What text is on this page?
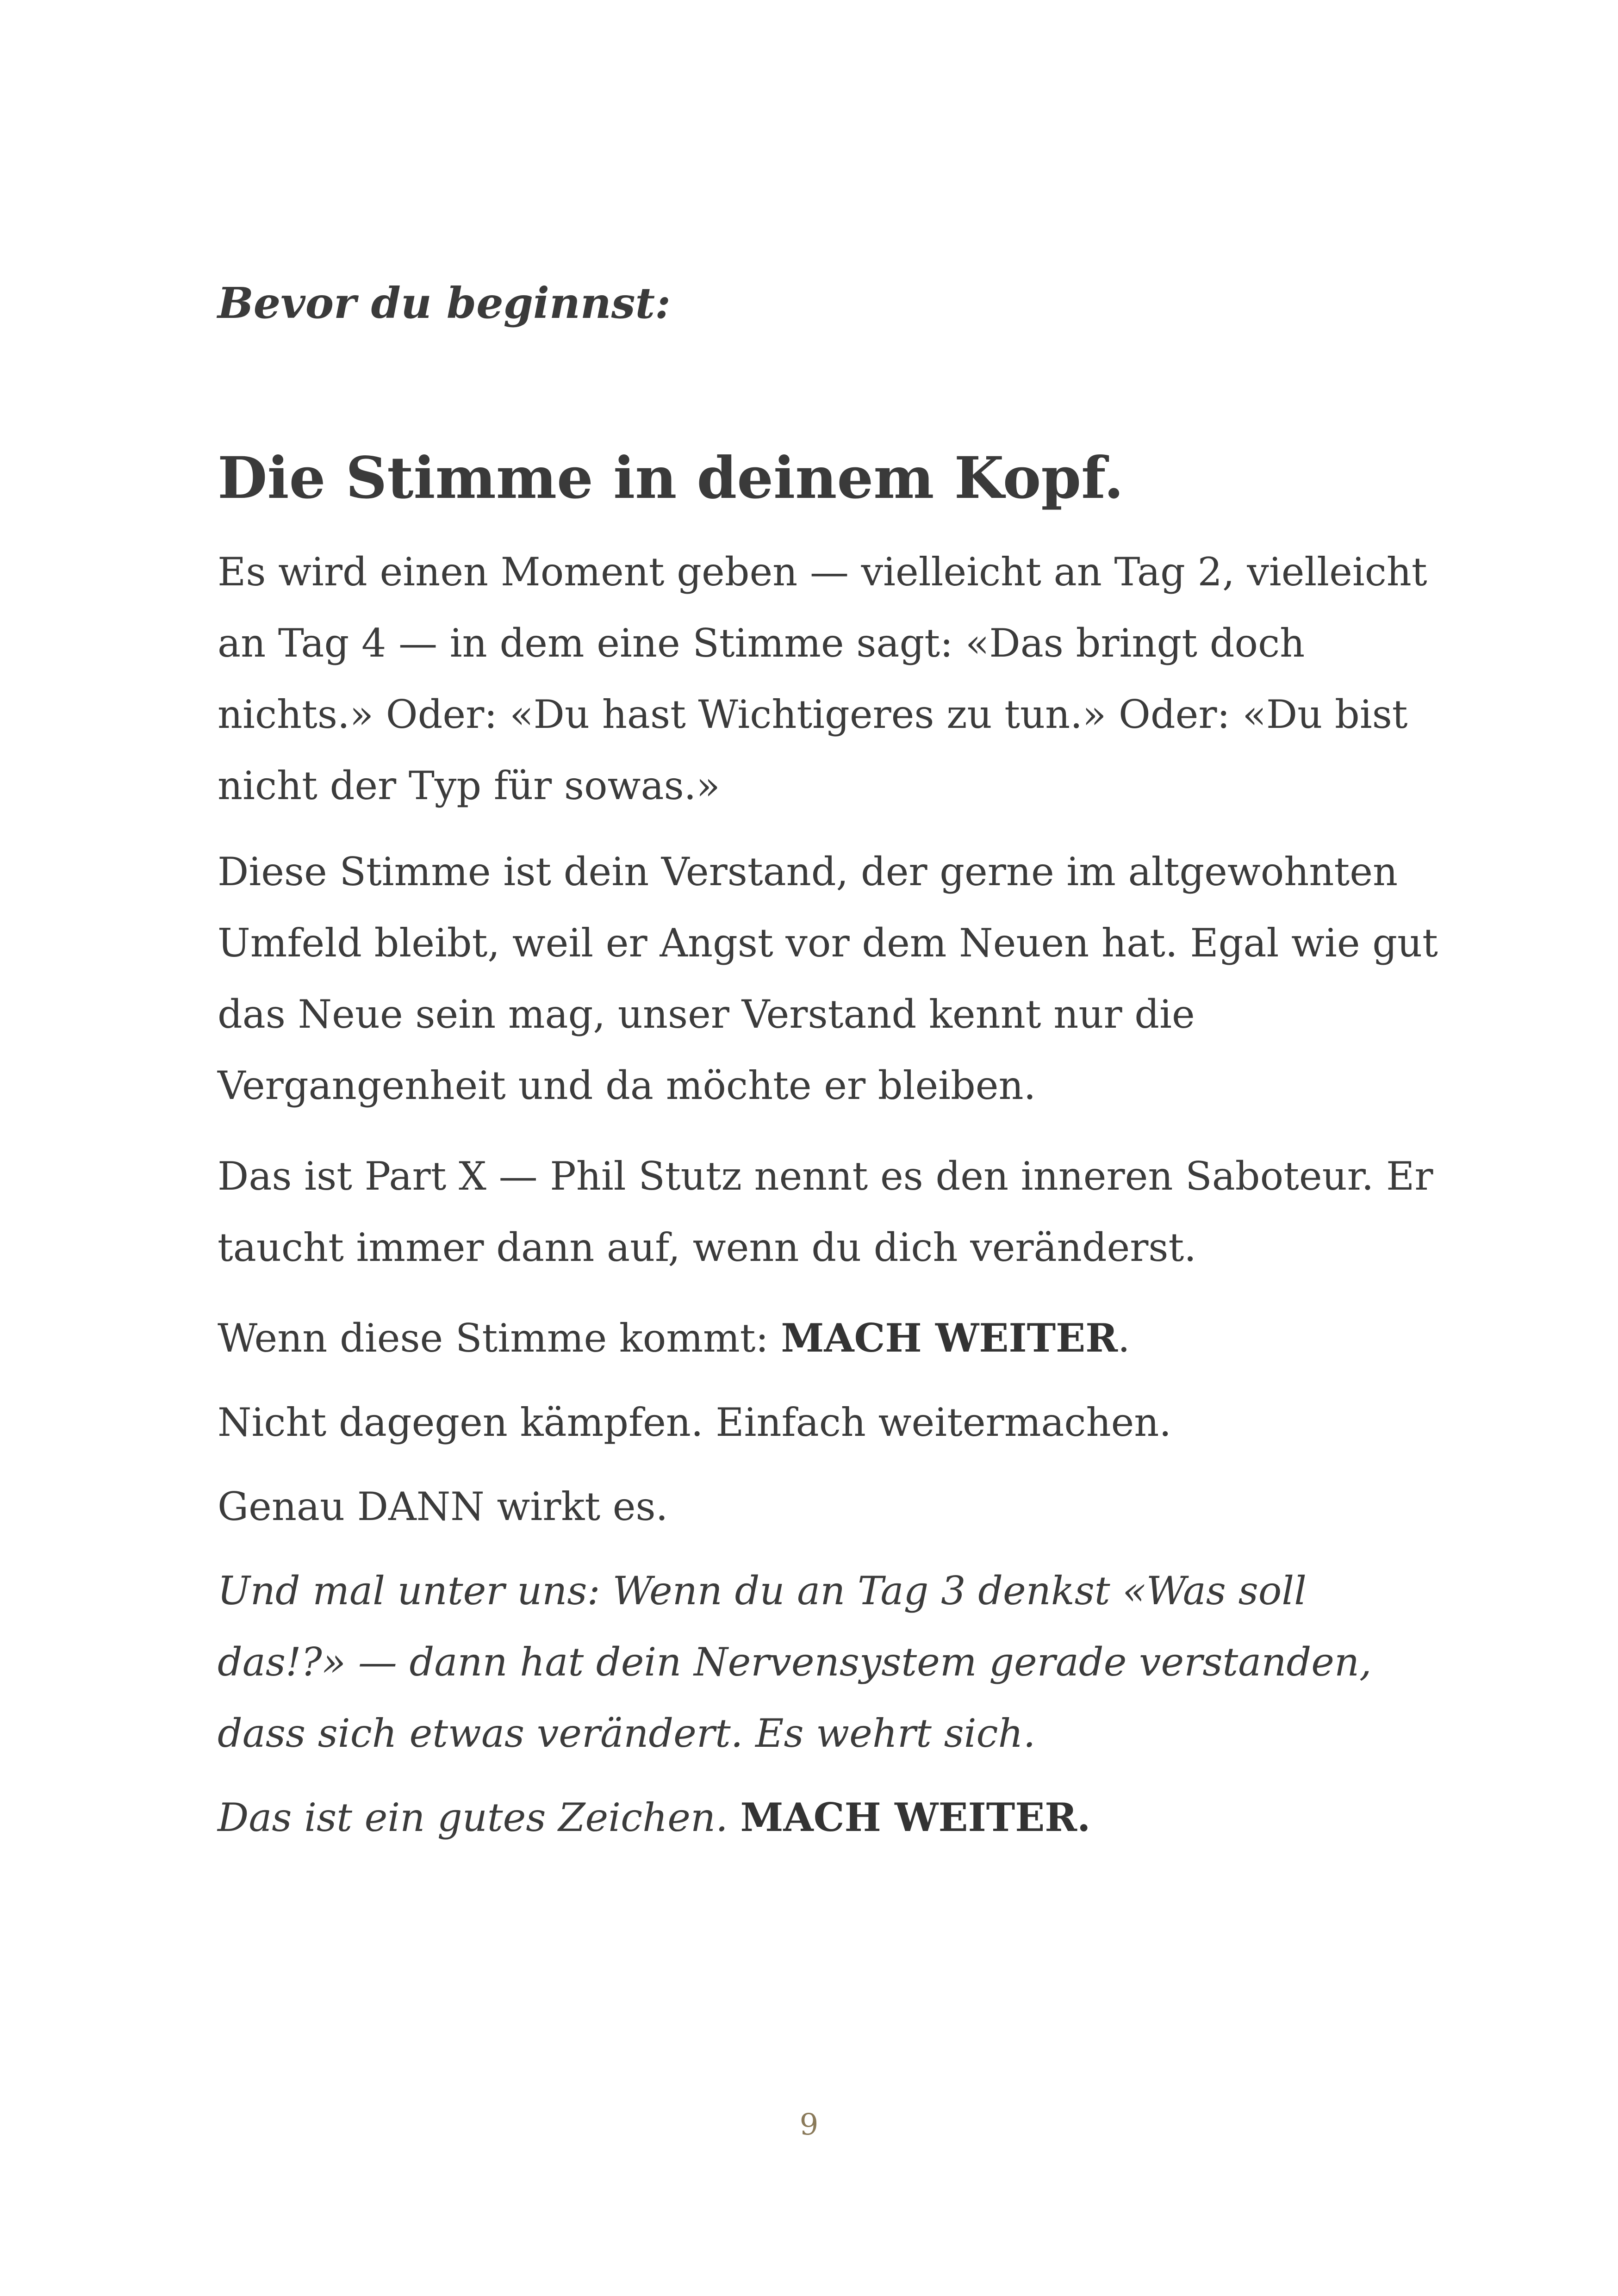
Bevor du beginnst:

Die Stimme in deinem Kopf.

Es wird einen Moment geben — vielleicht an Tag 2, vielleicht an Tag 4 — in dem eine Stimme sagt: «Das bringt doch nichts.» Oder: «Du hast Wichtigeres zu tun.» Oder: «Du bist nicht der Typ für sowas.»

Diese Stimme ist dein Verstand, der gerne im altgewohnten Umfeld bleibt, weil er Angst vor dem Neuen hat. Egal wie gut das Neue sein mag, unser Verstand kennt nur die Vergangenheit und da möchte er bleiben.

Das ist Part X — Phil Stutz nennt es den inneren Saboteur. Er taucht immer dann auf, wenn du dich veränderst.

Wenn diese Stimme kommt: MACH WEITER.

Nicht dagegen kämpfen. Einfach weitermachen.

Genau DANN wirkt es.

Und mal unter uns: Wenn du an Tag 3 denkst «Was soll das!?» — dann hat dein Nervensystem gerade verstanden, dass sich etwas verändert. Es wehrt sich.

Das ist ein gutes Zeichen. MACH WEITER.

9
